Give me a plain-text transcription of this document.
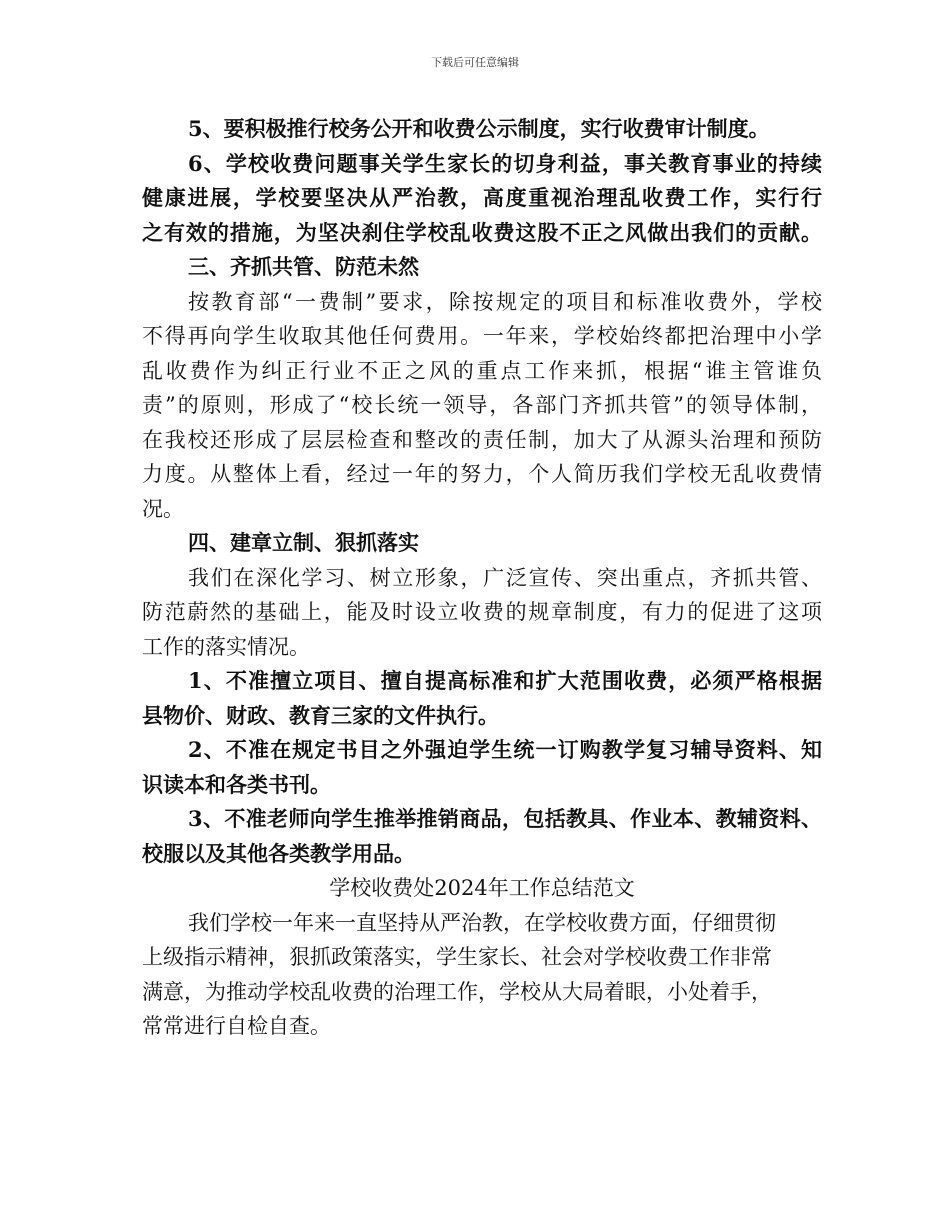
下载后可任意编辑
5、要积极推行校务公开和收费公示制度，实行收费审计制度。
6、学校收费问题事关学生家长的切身利益，事关教育事业的持续
健康进展，学校要坚决从严治教，高度重视治理乱收费工作，实行行
之有效的措施，为坚决刹住学校乱收费这股不正之风做出我们的贡献。
三、齐抓共管、防范未然
按教育部“一费制”要求，除按规定的项目和标准收费外，学校
不得再向学生收取其他任何费用。一年来，学校始终都把治理中小学
乱收费作为纠正行业不正之风的重点工作来抓，根据“谁主管谁负
责”的原则，形成了“校长统一领导，各部门齐抓共管”的领导体制，
在我校还形成了层层检查和整改的责任制，加大了从源头治理和预防
力度。从整体上看，经过一年的努力，个人简历我们学校无乱收费情
况。
四、建章立制、狠抓落实
我们在深化学习、树立形象，广泛宣传、突出重点，齐抓共管、
防范蔚然的基础上，能及时设立收费的规章制度，有力的促进了这项
工作的落实情况。
1、不准擅立项目、擅自提高标准和扩大范围收费，必须严格根据
县物价、财政、教育三家的文件执行。
2、不准在规定书目之外强迫学生统一订购教学复习辅导资料、知
识读本和各类书刊。
3、不准老师向学生推举推销商品，包括教具、作业本、教辅资料、
校服以及其他各类教学用品。
学校收费处2024年工作总结范文
我们学校一年来一直坚持从严治教，在学校收费方面，仔细贯彻
上级指示精神，狠抓政策落实，学生家长、社会对学校收费工作非常
满意，为推动学校乱收费的治理工作，学校从大局着眼，小处着手，
常常进行自检自查。
